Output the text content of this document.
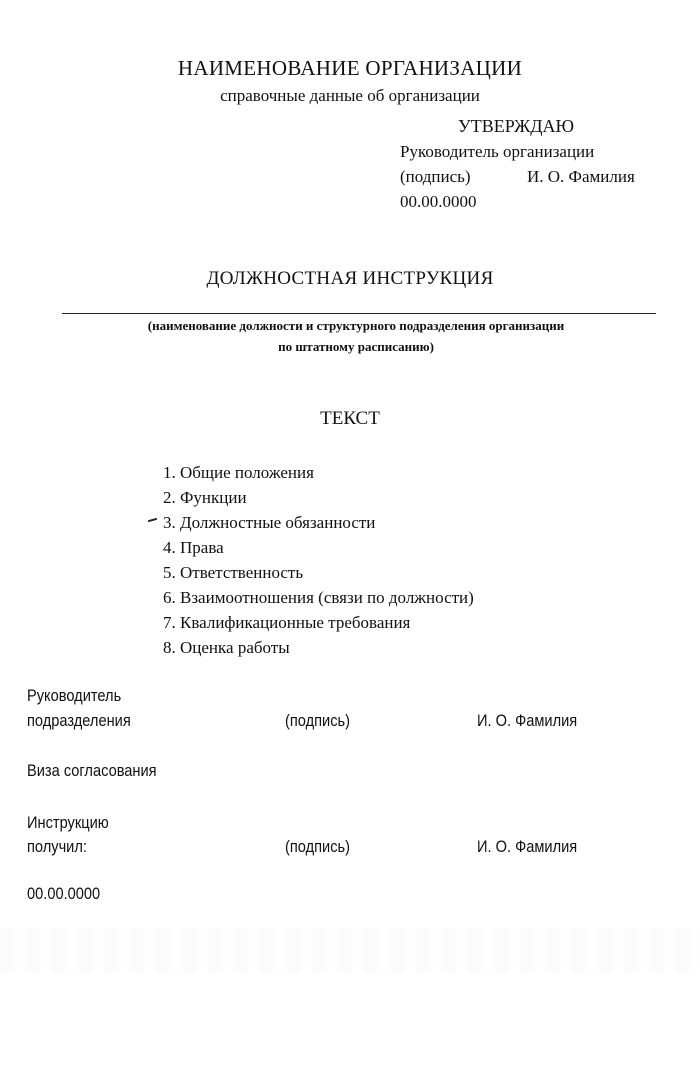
НАИМЕНОВАНИЕ ОРГАНИЗАЦИИ
справочные данные об организации
УТВЕРЖДАЮ
Руководитель организации
(подпись)	И. О. Фамилия
00.00.0000
ДОЛЖНОСТНАЯ ИНСТРУКЦИЯ
(наименование должности и структурного подразделения организации
по штатному расписанию)
ТЕКСТ
1. Общие положения
2. Функции
3. Должностные обязанности
4. Права
5. Ответственность
6. Взаимоотношения (связи по должности)
7. Квалификационные требования
8. Оценка работы
Руководитель
подразделения	(подпись)	И. О. Фамилия
Виза согласования
Инструкцию
получил:	(подпись)	И. О. Фамилия
00.00.0000
